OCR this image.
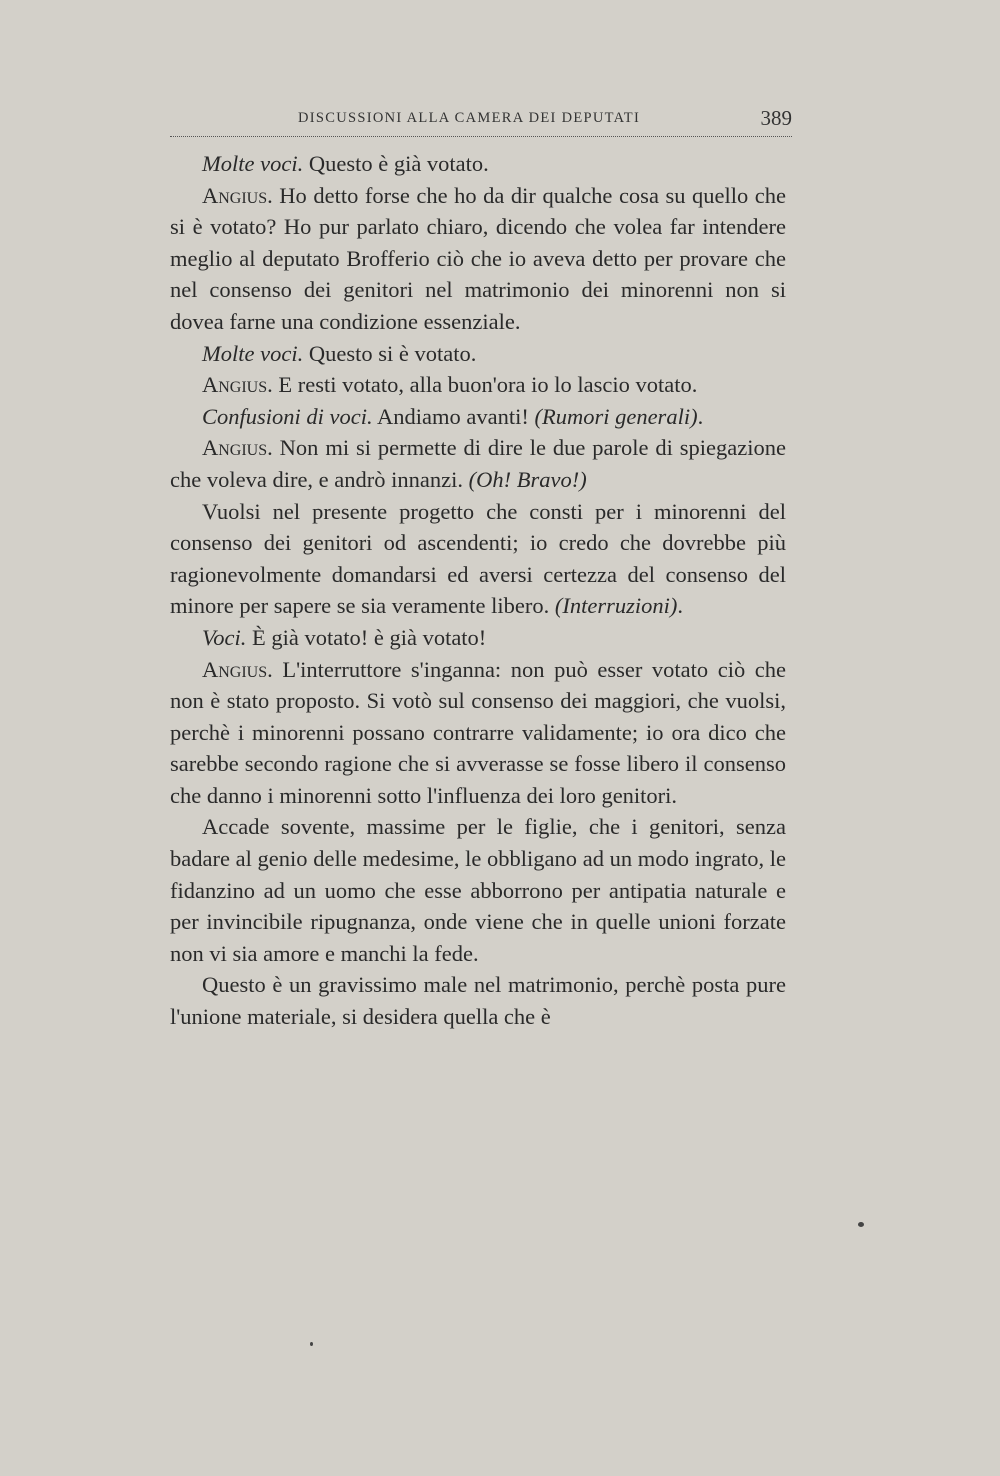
DISCUSSIONI ALLA CAMERA DEI DEPUTATI	389

Molte voci. Questo è già votato.

Angius. Ho detto forse che ho da dir qualche cosa su quello che si è votato? Ho pur parlato chiaro, dicendo che volea far intendere meglio al deputato Brofferio ciò che io aveva detto per provare che nel consenso dei genitori nel matrimonio dei minorenni non si dovea farne una condizione essenziale.

Molte voci. Questo si è votato.

Angius. E resti votato, alla buon'ora io lo lascio votato.

Confusioni di voci. Andiamo avanti! (Rumori generali).

Angius. Non mi si permette di dire le due parole di spiegazione che voleva dire, e andrò innanzi. (Oh! Bravo!)

Vuolsi nel presente progetto che consti per i minorenni del consenso dei genitori od ascendenti; io credo che dovrebbe più ragionevolmente domandarsi ed aversi certezza del consenso del minore per sapere se sia veramente libero. (Interruzioni).

Voci. È già votato! è già votato!

Angius. L'interruttore s'inganna: non può esser votato ciò che non è stato proposto. Si votò sul consenso dei maggiori, che vuolsi, perchè i minorenni possano contrarre validamente; io ora dico che sarebbe secondo ragione che si avverasse se fosse libero il consenso che danno i minorenni sotto l'influenza dei loro genitori.

Accade sovente, massime per le figlie, che i genitori, senza badare al genio delle medesime, le obbligano ad un modo ingrato, le fidanzino ad un uomo che esse abborrono per antipatia naturale e per invincibile ripugnanza, onde viene che in quelle unioni forzate non vi sia amore e manchi la fede.

Questo è un gravissimo male nel matrimonio, perchè posta pure l'unione materiale, si desidera quella che è
